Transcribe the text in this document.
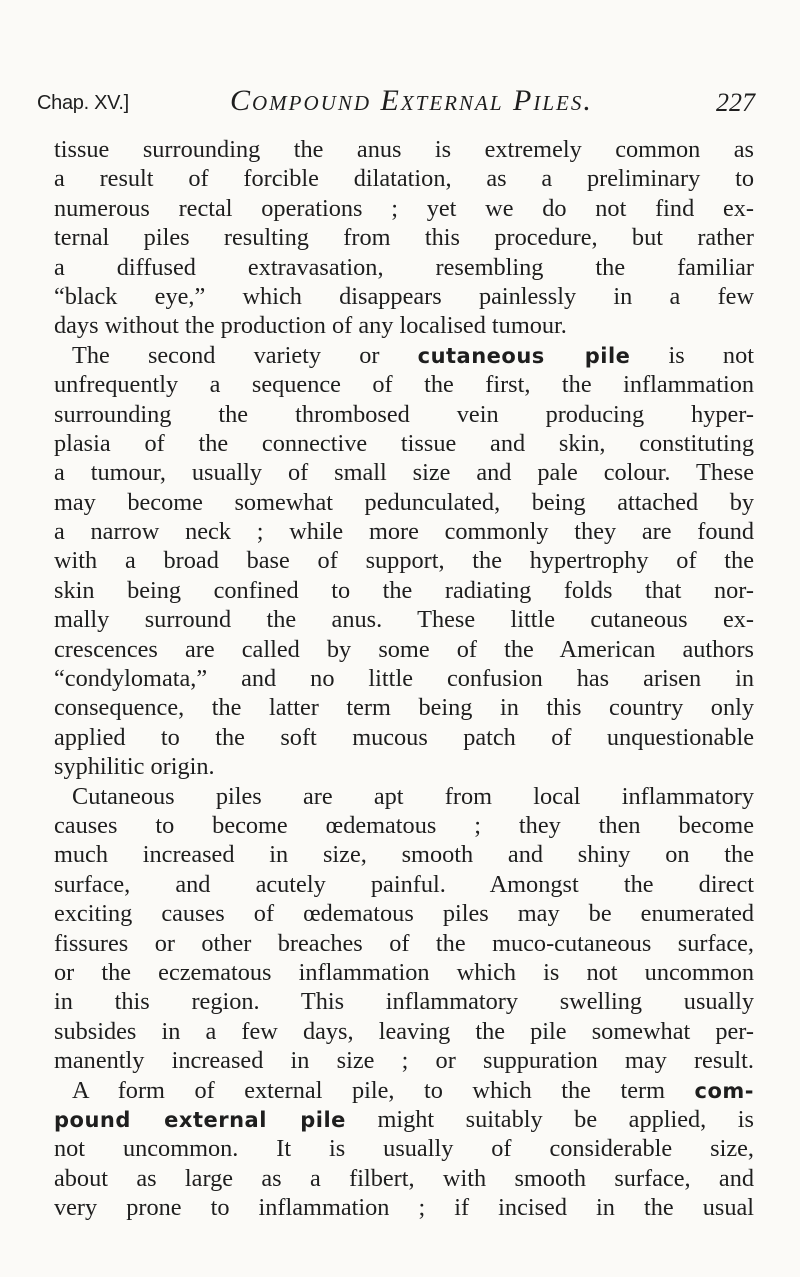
Chap. XV.]	Compound External Piles.	227
tissue surrounding the anus is extremely common as
a result of forcible dilatation, as a preliminary to
numerous rectal operations ; yet we do not find ex-
ternal piles resulting from this procedure, but rather
a diffused extravasation, resembling the familiar
“black eye,” which disappears painlessly in a few
days without the production of any localised tumour.
The second variety or cutaneous pile is not
unfrequently a sequence of the first, the inflammation
surrounding the thrombosed vein producing hyper-
plasia of the connective tissue and skin, constituting
a tumour, usually of small size and pale colour. These
may become somewhat pedunculated, being attached by
a narrow neck ; while more commonly they are found
with a broad base of support, the hypertrophy of the
skin being confined to the radiating folds that nor-
mally surround the anus. These little cutaneous ex-
crescences are called by some of the American authors
“condylomata,” and no little confusion has arisen in
consequence, the latter term being in this country only
applied to the soft mucous patch of unquestionable
syphilitic origin.
Cutaneous piles are apt from local inflammatory
causes to become œdematous ; they then become
much increased in size, smooth and shiny on the
surface, and acutely painful. Amongst the direct
exciting causes of œdematous piles may be enumerated
fissures or other breaches of the muco-cutaneous surface,
or the eczematous inflammation which is not uncommon
in this region. This inflammatory swelling usually
subsides in a few days, leaving the pile somewhat per-
manently increased in size ; or suppuration may result.
A form of external pile, to which the term com-
pound external pile might suitably be applied, is
not uncommon. It is usually of considerable size,
about as large as a filbert, with smooth surface, and
very prone to inflammation ; if incised in the usual
